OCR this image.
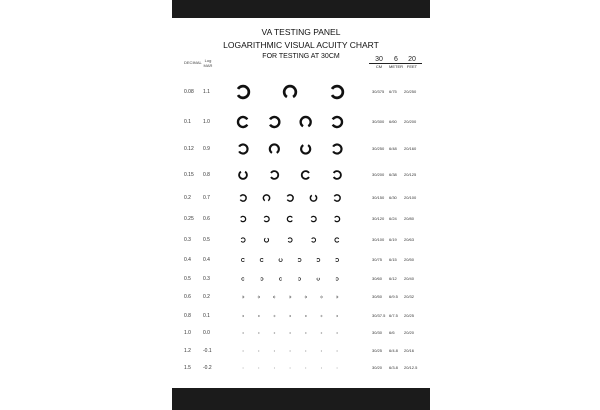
VA TESTING PANEL
LOGARITHMIC VISUAL ACUITY CHART
FOR TESTING AT 30CM
DECIMAL Log
MAR
30
CM
6
METER
20
FEET
0.08	1.1	30/375 6/75 20/250
0.1	1.0	30/300 6/60 20/200
0.12	0.9	30/250 6/48 20/160
0.15	0.8	30/200 6/38 20/125
0.2	0.7	30/150 6/30 20/100
0.25	0.6	30/120 6/24 20/80
0.3	0.5	30/100 6/19 20/63
0.4	0.4	30/75 6/15 20/50
0.5	0.3	30/60 6/12 20/40
0.6	0.2	30/50 6/9.5 20/32
0.8	0.1	30/37.5 6/7.5 20/25
1.0	0.0	30/30 6/6 20/20
1.2	-0.1	30/25 6/4.8 20/16
1.5	-0.2	30/20 6/3.8 20/12.5
